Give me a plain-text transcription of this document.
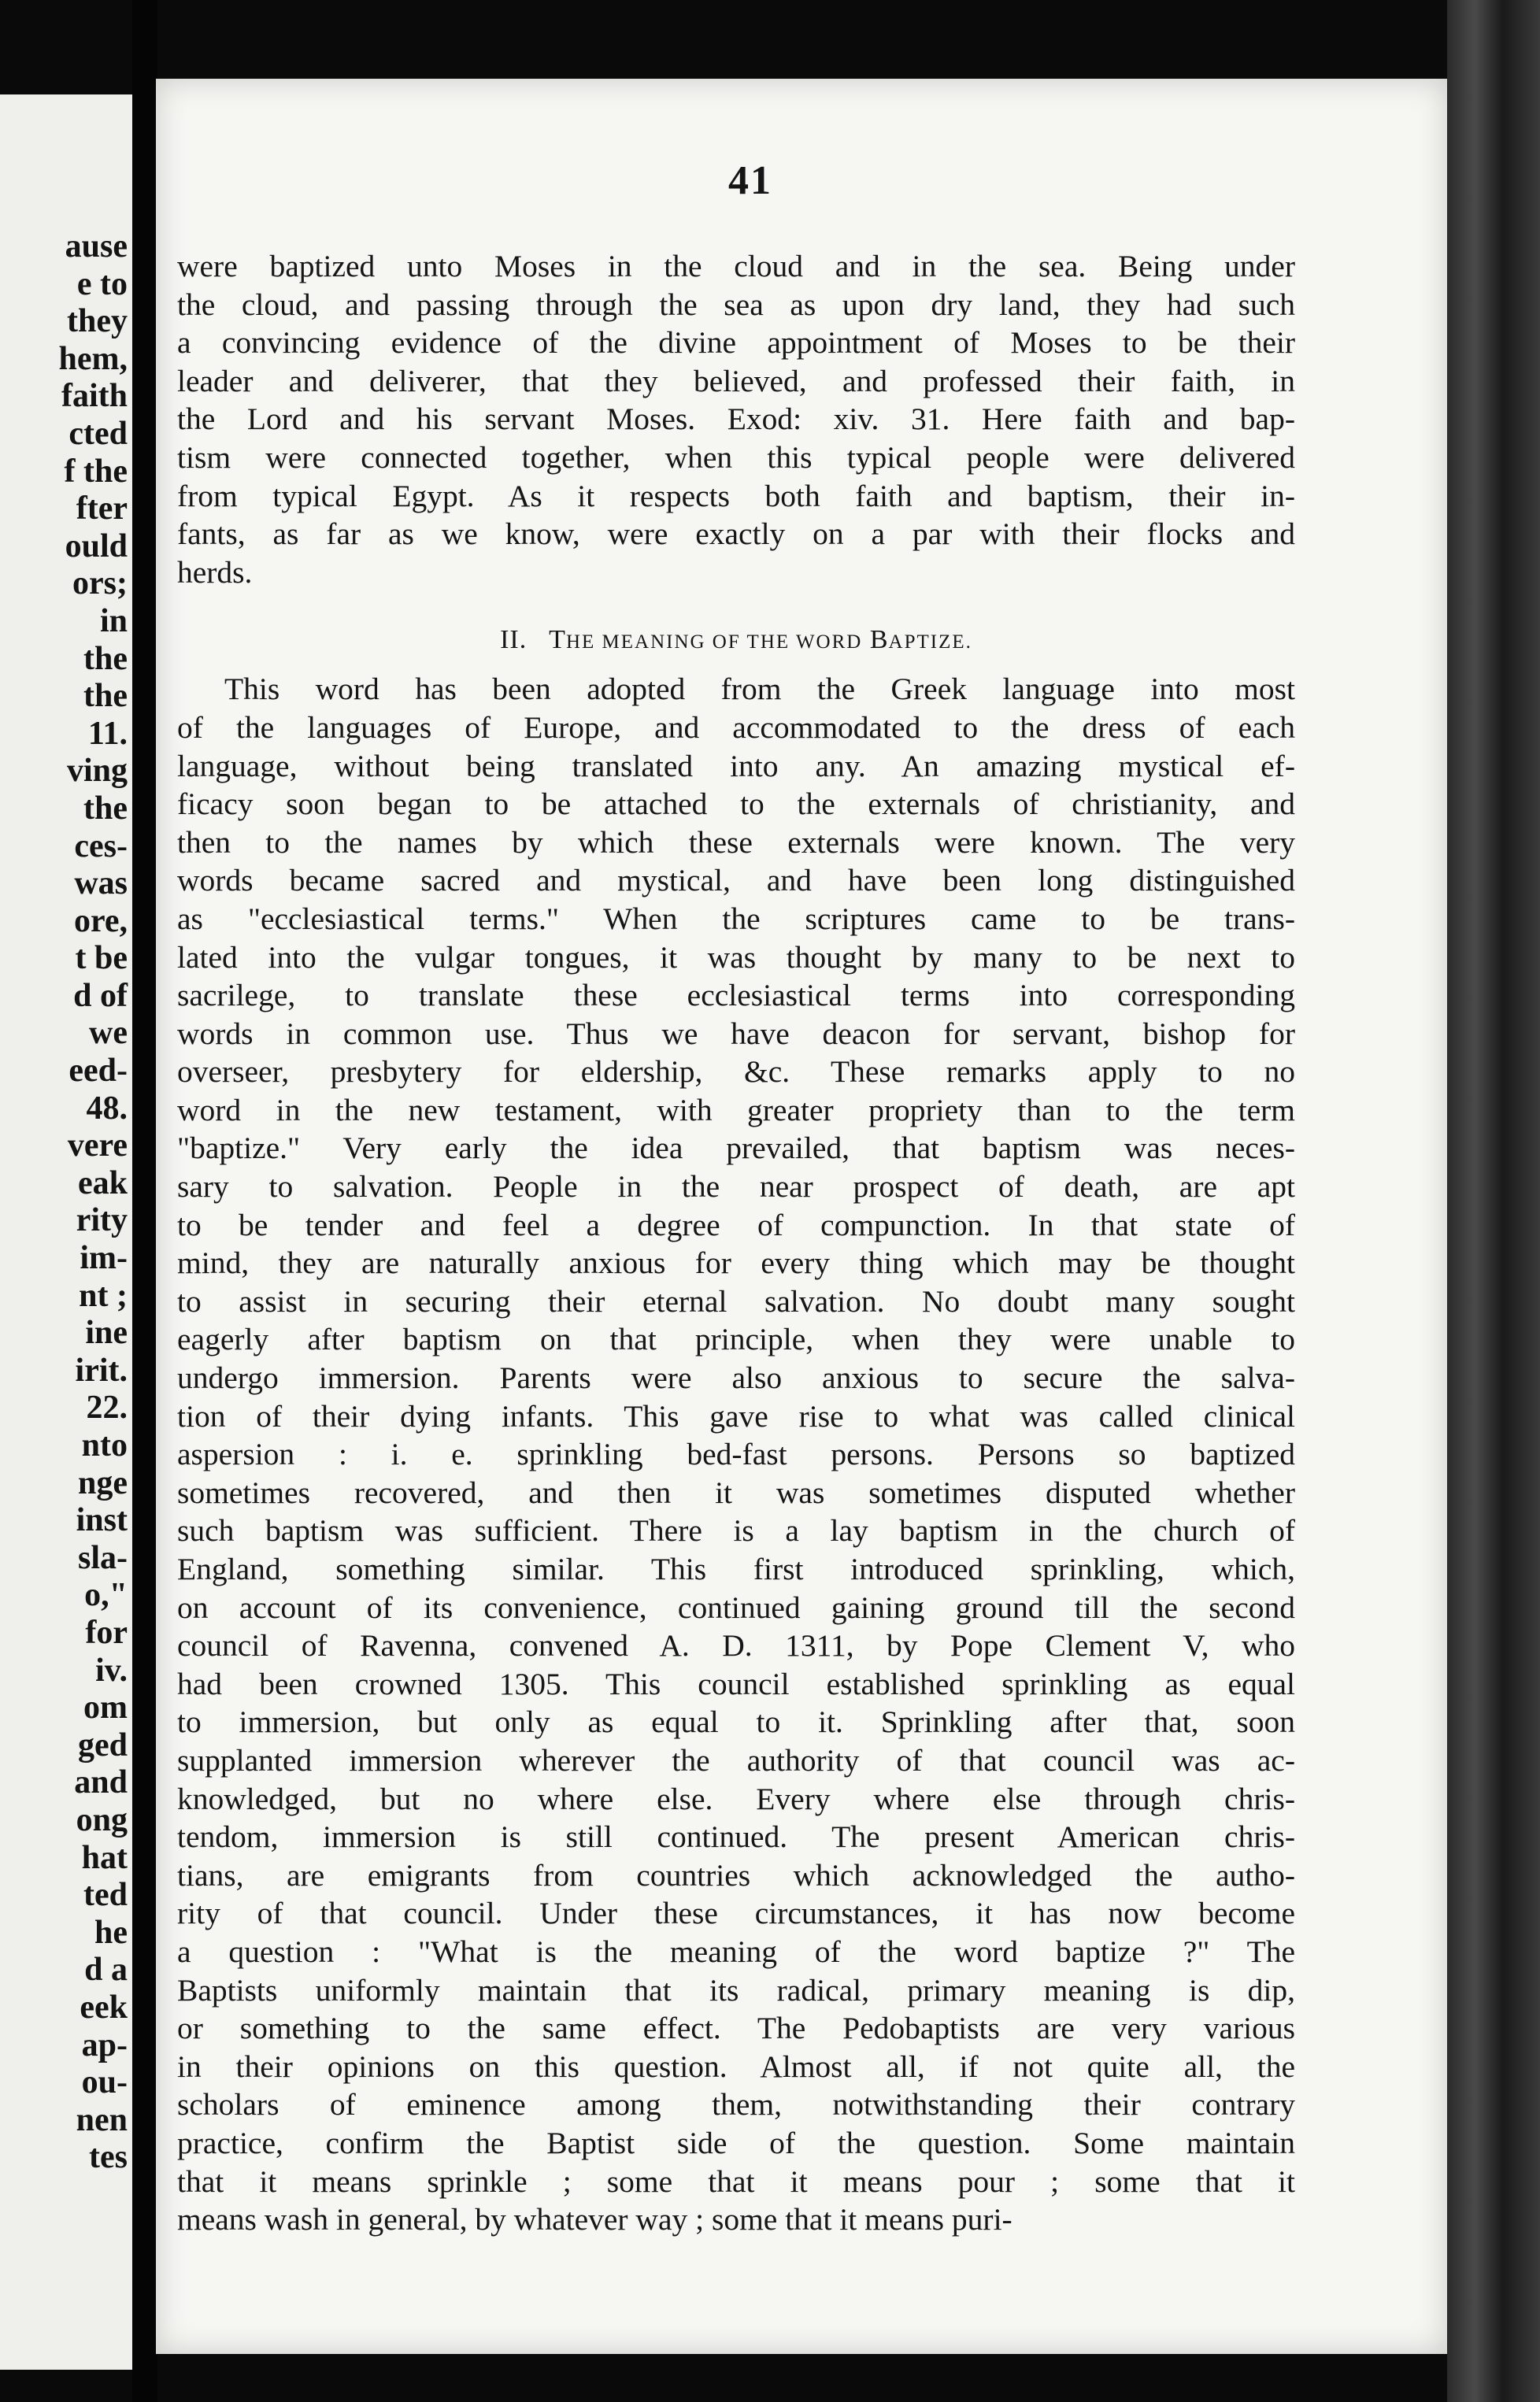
ause
e to
they
hem,
faith
cted
f the
fter
ould
ors;
in
the
the
11.
ving
the
ces-
was
ore,
t be
d of
we
eed-
48.
vere
eak
rity
im-
nt ;
ine
irit.
22.
nto
nge
inst
sla-
o,"
for
iv.
om
ged
and
ong
hat
ted
he
d a
eek
ap-
ou-
nen
tes
41
were baptized unto Moses in the cloud and in the sea. Being under
the cloud, and passing through the sea as upon dry land, they had such
a convincing evidence of the divine appointment of Moses to be their
leader and deliverer, that they believed, and professed their faith, in
the Lord and his servant Moses. Exod: xiv. 31. Here faith and bap-
tism were connected together, when this typical people were delivered
from typical Egypt. As it respects both faith and baptism, their in-
fants, as far as we know, were exactly on a par with their flocks and
herds.
II. THE MEANING OF THE WORD BAPTIZE.
This word has been adopted from the Greek language into most
of the languages of Europe, and accommodated to the dress of each
language, without being translated into any. An amazing mystical ef-
ficacy soon began to be attached to the externals of christianity, and
then to the names by which these externals were known. The very
words became sacred and mystical, and have been long distinguished
as "ecclesiastical terms." When the scriptures came to be trans-
lated into the vulgar tongues, it was thought by many to be next to
sacrilege, to translate these ecclesiastical terms into corresponding
words in common use. Thus we have deacon for servant, bishop for
overseer, presbytery for eldership, &c. These remarks apply to no
word in the new testament, with greater propriety than to the term
"baptize." Very early the idea prevailed, that baptism was neces-
sary to salvation. People in the near prospect of death, are apt
to be tender and feel a degree of compunction. In that state of
mind, they are naturally anxious for every thing which may be thought
to assist in securing their eternal salvation. No doubt many sought
eagerly after baptism on that principle, when they were unable to
undergo immersion. Parents were also anxious to secure the salva-
tion of their dying infants. This gave rise to what was called clinical
aspersion : i. e. sprinkling bed-fast persons. Persons so baptized
sometimes recovered, and then it was sometimes disputed whether
such baptism was sufficient. There is a lay baptism in the church of
England, something similar. This first introduced sprinkling, which,
on account of its convenience, continued gaining ground till the second
council of Ravenna, convened A. D. 1311, by Pope Clement V, who
had been crowned 1305. This council established sprinkling as equal
to immersion, but only as equal to it. Sprinkling after that, soon
supplanted immersion wherever the authority of that council was ac-
knowledged, but no where else. Every where else through chris-
tendom, immersion is still continued. The present American chris-
tians, are emigrants from countries which acknowledged the autho-
rity of that council. Under these circumstances, it has now become
a question : "What is the meaning of the word baptize ?" The
Baptists uniformly maintain that its radical, primary meaning is dip,
or something to the same effect. The Pedobaptists are very various
in their opinions on this question. Almost all, if not quite all, the
scholars of eminence among them, notwithstanding their contrary
practice, confirm the Baptist side of the question. Some maintain
that it means sprinkle ; some that it means pour ; some that it
means wash in general, by whatever way ; some that it means puri-
